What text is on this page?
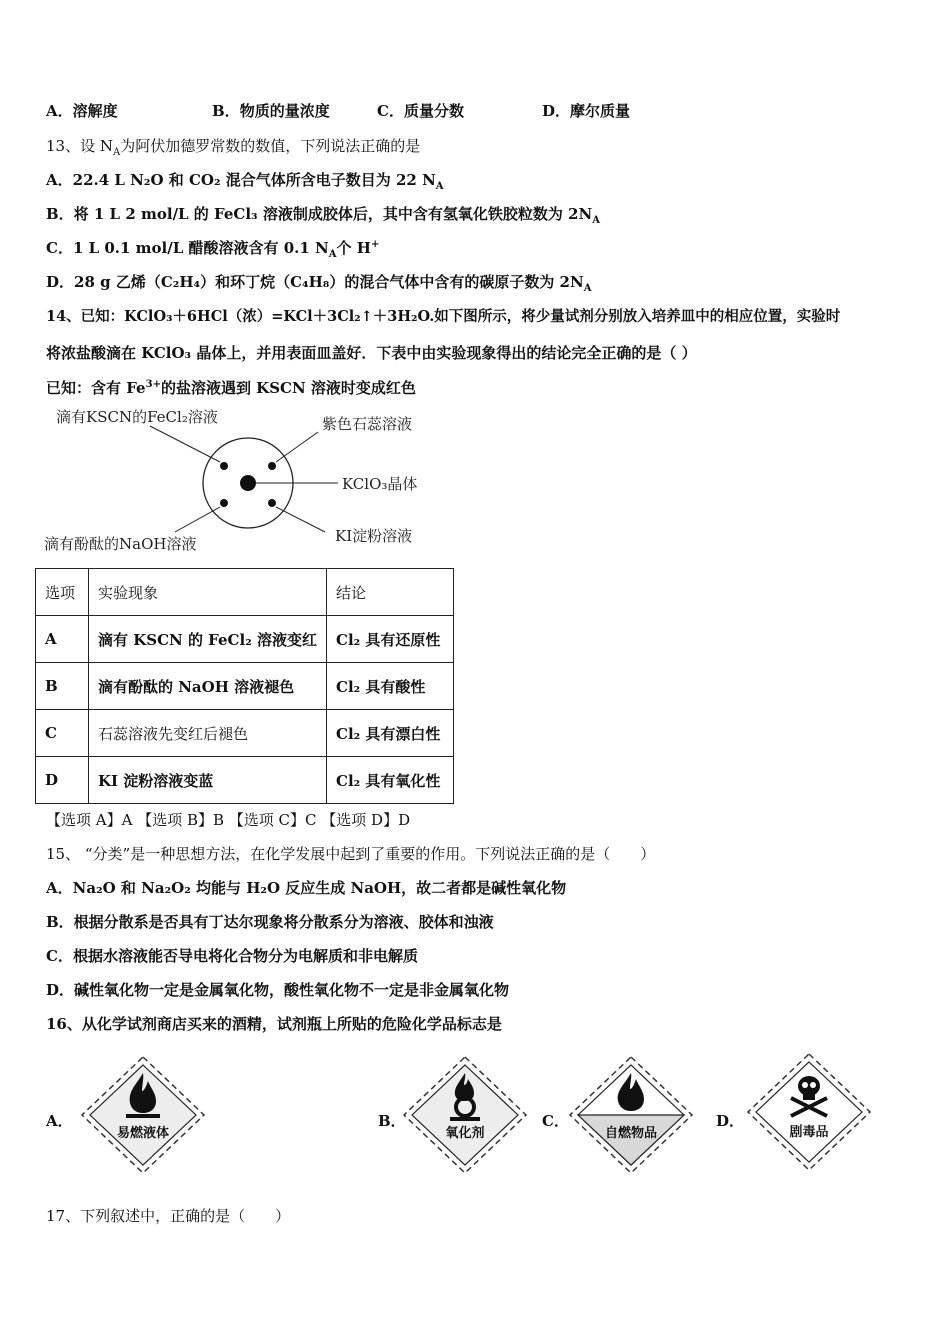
A．溶解度	B．物质的量浓度	C．质量分数	D．摩尔质量
13、设 $N_A$为阿伏加德罗常数的数值，下列说法正确的是
A．22.4 L N₂O 和 CO₂ 混合气体所含电子数目为 22 $N_A$
B．将 1 L 2 mol/L 的 FeCl₃ 溶液制成胶体后，其中含有氢氧化铁胶粒数为 $2N_A$
C．1 L 0.1 mol/L 醋酸溶液含有 0.1 $N_A$个 H+
D．28 g 乙烯（C₂H₄）和环丁烷（C₄H₈）的混合气体中含有的碳原子数为 $2N_A$
14、已知：KClO₃＋6HCl（浓）=KCl＋3Cl₂↑＋3H₂O.如下图所示，将少量试剂分别放入培养皿中的相应位置，实验时
将浓盐酸滴在 KClO₃ 晶体上，并用表面皿盖好．下表中由实验现象得出的结论完全正确的是（ ）
已知：含有 $Fe^{3+}$的盐溶液遇到 KSCN 溶液时变成红色
滴有KSCN的FeCl₂溶液	紫色石蕊溶液
KClO₃晶体
KI淀粉溶液
滴有酚酞的NaOH溶液
选项	实验现象	结论
A	滴有 KSCN 的 FeCl₂ 溶液变红	Cl₂ 具有还原性
B	滴有酚酞的 NaOH 溶液褪色	Cl₂ 具有酸性
C	石蕊溶液先变红后褪色	Cl₂ 具有漂白性
D	KI 淀粉溶液变蓝	Cl₂ 具有氧化性
【选项 A】A 【选项 B】B 【选项 C】C 【选项 D】D
15、 “分类”是一种思想方法，在化学发展中起到了重要的作用。下列说法正确的是（　　）
A．Na₂O 和 Na₂O₂ 均能与 H₂O 反应生成 NaOH，故二者都是碱性氧化物
B．根据分散系是否具有丁达尔现象将分散系分为溶液、胶体和浊液
C．根据水溶液能否导电将化合物分为电解质和非电解质
D．碱性氧化物一定是金属氧化物，酸性氧化物不一定是非金属氧化物
16、从化学试剂商店买来的酒精，试剂瓶上所贴的危险化学品标志是
A．
易燃液体
B．
氧化剂
C．
自燃物品
D．
剧毒品
17、下列叙述中，正确的是（　　）
